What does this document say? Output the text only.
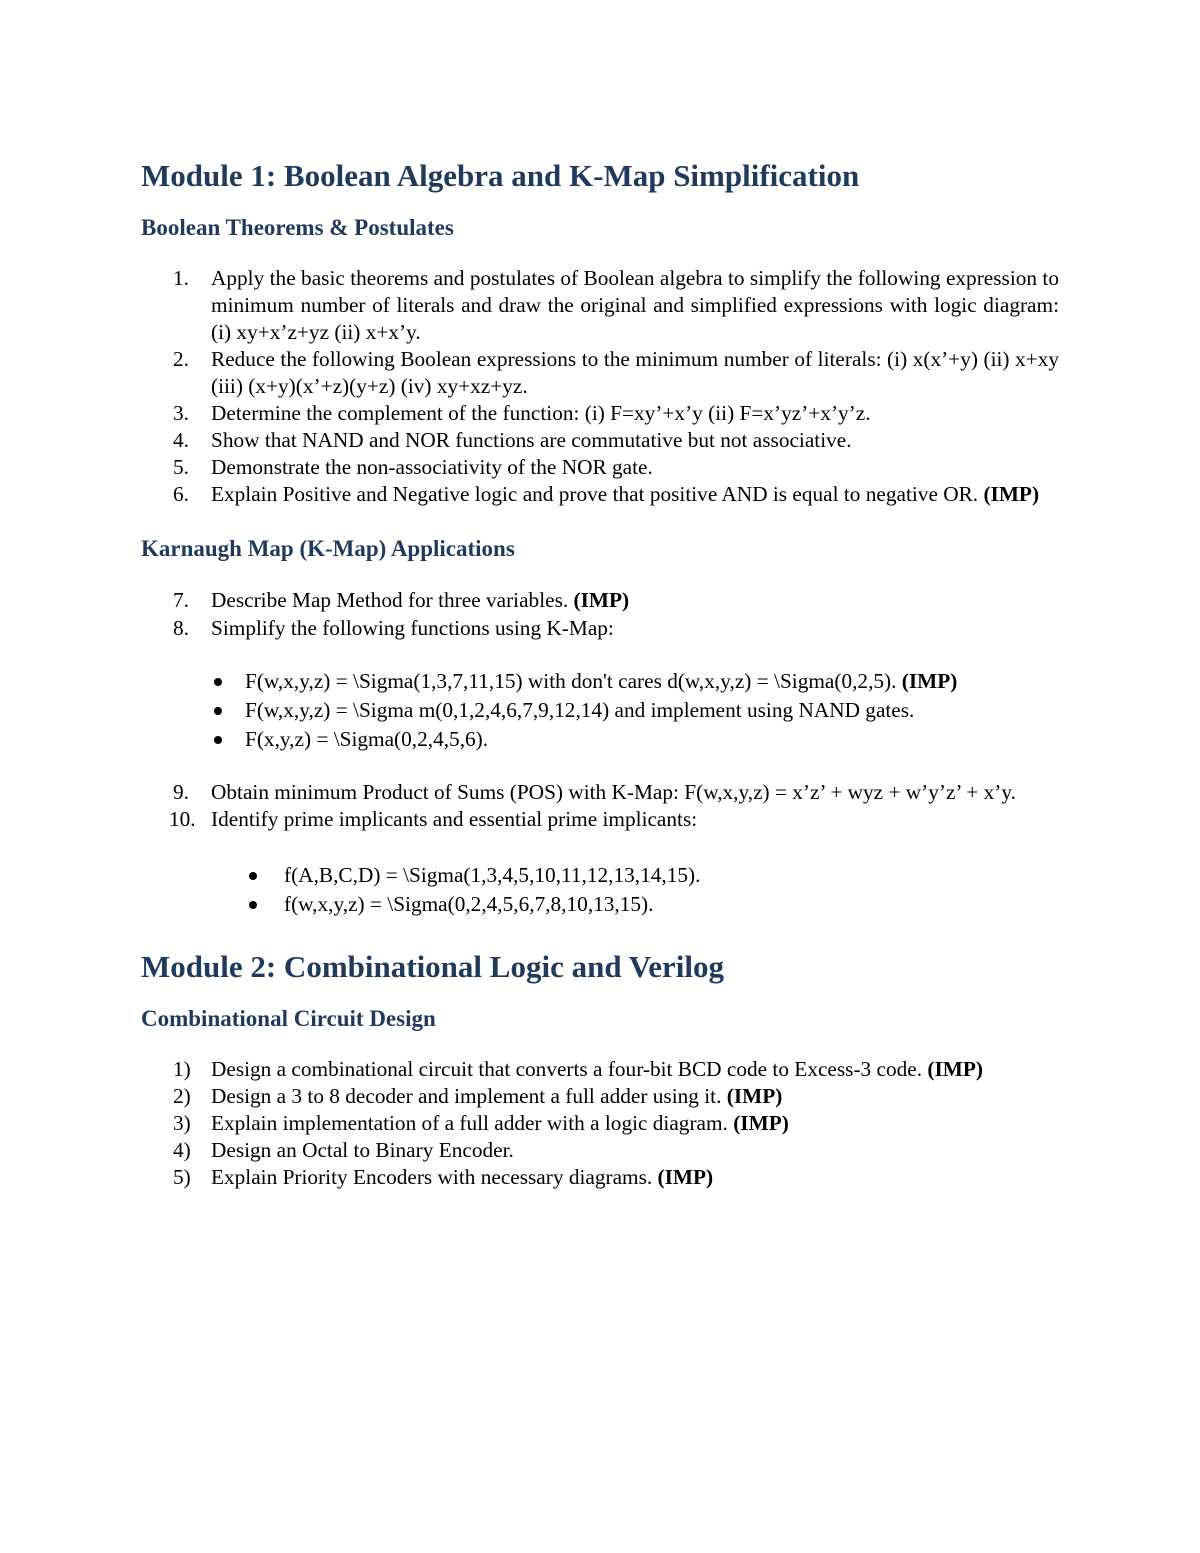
Module 1: Boolean Algebra and K-Map Simplification
Boolean Theorems & Postulates
1. Apply the basic theorems and postulates of Boolean algebra to simplify the following expression to minimum number of literals and draw the original and simplified expressions with logic diagram: (i) xy+x’z+yz (ii) x+x’y.
2. Reduce the following Boolean expressions to the minimum number of literals: (i) x(x’+y) (ii) x+xy (iii) (x+y)(x’+z)(y+z) (iv) xy+xz+yz.
3. Determine the complement of the function: (i) F=xy’+x’y (ii) F=x’yz’+x’y’z.
4. Show that NAND and NOR functions are commutative but not associative.
5. Demonstrate the non-associativity of the NOR gate.
6. Explain Positive and Negative logic and prove that positive AND is equal to negative OR. (IMP)
Karnaugh Map (K-Map) Applications
7. Describe Map Method for three variables. (IMP)
8. Simplify the following functions using K-Map:
F(w,x,y,z) = \Sigma(1,3,7,11,15) with don't cares d(w,x,y,z) = \Sigma(0,2,5). (IMP)
F(w,x,y,z) = \Sigma m(0,1,2,4,6,7,9,12,14) and implement using NAND gates.
F(x,y,z) = \Sigma(0,2,4,5,6).
9. Obtain minimum Product of Sums (POS) with K-Map: F(w,x,y,z) = x’z’ + wyz + w’y’z’ + x’y.
10. Identify prime implicants and essential prime implicants:
f(A,B,C,D) = \Sigma(1,3,4,5,10,11,12,13,14,15).
f(w,x,y,z) = \Sigma(0,2,4,5,6,7,8,10,13,15).
Module 2: Combinational Logic and Verilog
Combinational Circuit Design
1) Design a combinational circuit that converts a four-bit BCD code to Excess-3 code. (IMP)
2) Design a 3 to 8 decoder and implement a full adder using it. (IMP)
3) Explain implementation of a full adder with a logic diagram. (IMP)
4) Design an Octal to Binary Encoder.
5) Explain Priority Encoders with necessary diagrams. (IMP)
